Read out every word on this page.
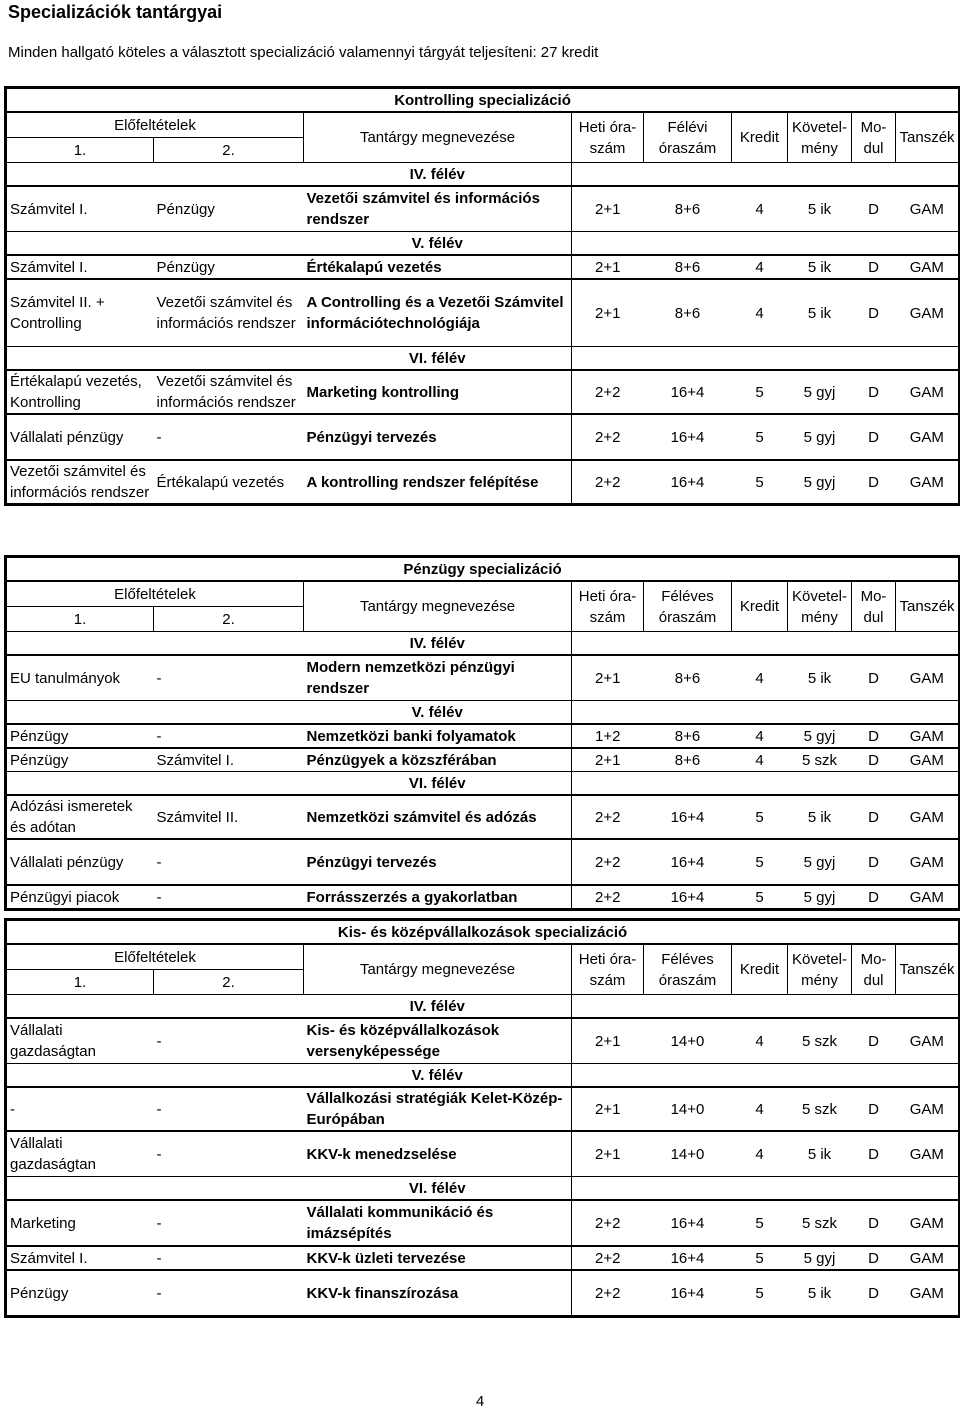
Specializációk tantárgyai
Minden hallgató köteles a választott specializáció valamennyi tárgyát teljesíteni: 27 kredit
4
Kontrolling specializáció								
Előfeltételek		Tantárgy megnevezése	Heti óra-
szám	Félévi
óraszám	Kredit	Követel-
mény	Mo-
dul	Tanszék
1.	2.							
		IV. félév						
Számvitel I.	Pénzügy	Vezetői számvitel és információs rendszer	2+1	8+6	4	5 ik	D	GAM
		V. félév						
Számvitel I.	Pénzügy	Értékalapú vezetés	2+1	8+6	4	5 ik	D	GAM
Számvitel II. + Controlling	Vezetői számvitel és információs rendszer	A Controlling és a Vezetői Számvitel információtechnológiája	2+1	8+6	4	5 ik	D	GAM
		VI. félév						
Értékalapú vezetés, Kontrolling	Vezetői számvitel és információs rendszer	Marketing kontrolling	2+2	16+4	5	5 gyj	D	GAM
Vállalati pénzügy	-	Pénzügyi tervezés	2+2	16+4	5	5 gyj	D	GAM
Vezetői számvitel és információs rendszer	Értékalapú vezetés	A kontrolling rendszer felépítése	2+2	16+4	5	5 gyj	D	GAM
Pénzügy specializáció								
Előfeltételek		Tantárgy megnevezése	Heti óra-
szám	Féléves
óraszám	Kredit	Követel-
mény	Mo-
dul	Tanszék
1.	2.							
		IV. félév						
EU tanulmányok	-	Modern nemzetközi pénzügyi rendszer	2+1	8+6	4	5 ik	D	GAM
		V. félév						
Pénzügy	-	Nemzetközi banki folyamatok	1+2	8+6	4	5 gyj	D	GAM
Pénzügy	Számvitel I.	Pénzügyek a közszférában	2+1	8+6	4	5 szk	D	GAM
		VI. félév						
Adózási ismeretek és adótan	Számvitel II.	Nemzetközi számvitel és adózás	2+2	16+4	5	5 ik	D	GAM
Vállalati pénzügy	-	Pénzügyi tervezés	2+2	16+4	5	5 gyj	D	GAM
Pénzügyi piacok	-	Forrásszerzés a gyakorlatban	2+2	16+4	5	5 gyj	D	GAM
Kis- és középvállalkozások specializáció								
Előfeltételek		Tantárgy megnevezése	Heti óra-
szám	Féléves
óraszám	Kredit	Követel-
mény	Mo-
dul	Tanszék
1.	2.							
		IV. félév						
Vállalati gazdaságtan	-	Kis- és középvállalkozások versenyképessége	2+1	14+0	4	5 szk	D	GAM
		V. félév						
-	-	Vállalkozási stratégiák Kelet-Közép-Európában	2+1	14+0	4	5 szk	D	GAM
Vállalati gazdaságtan	-	KKV-k menedzselése	2+1	14+0	4	5 ik	D	GAM
		VI. félév						
Marketing	-	Vállalati kommunikáció és imázsépítés	2+2	16+4	5	5 szk	D	GAM
Számvitel I.	-	KKV-k üzleti tervezése	2+2	16+4	5	5 gyj	D	GAM
Pénzügy	-	KKV-k finanszírozása	2+2	16+4	5	5 ik	D	GAM
